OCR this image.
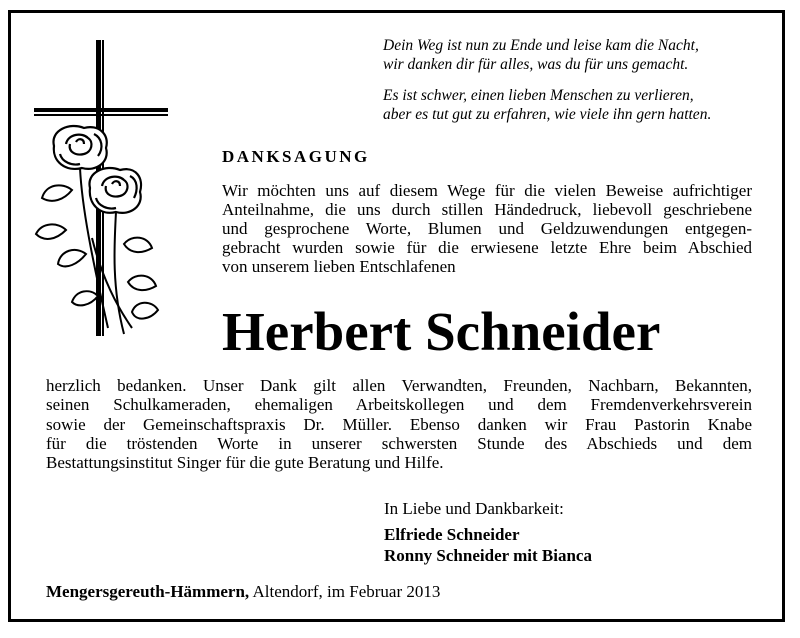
Dein Weg ist nun zu Ende und leise kam die Nacht,
wir danken dir für alles, was du für uns gemacht.
Es ist schwer, einen lieben Menschen zu verlieren,
aber es tut gut zu erfahren, wie viele ihn gern hatten.
DANKSAGUNG
Wir möchten uns auf diesem Wege für die vielen Beweise aufrichtiger
Anteilnahme, die uns durch stillen Händedruck, liebevoll geschriebene
und gesprochene Worte, Blumen und Geldzuwendungen entgegen-
gebracht wurden sowie für die erwiesene letzte Ehre beim Abschied
von unserem lieben Entschlafenen
Herbert Schneider
herzlich bedanken. Unser Dank gilt allen Verwandten, Freunden, Nachbarn, Bekannten,
seinen Schulkameraden, ehemaligen Arbeitskollegen und dem Fremdenverkehrsverein
sowie der Gemeinschaftspraxis Dr. Müller. Ebenso danken wir Frau Pastorin Knabe
für die tröstenden Worte in unserer schwersten Stunde des Abschieds und dem
Bestattungsinstitut Singer für die gute Beratung und Hilfe.
In Liebe und Dankbarkeit:
Elfriede Schneider
Ronny Schneider mit Bianca
Mengersgereuth-Hämmern, Altendorf, im Februar 2013
